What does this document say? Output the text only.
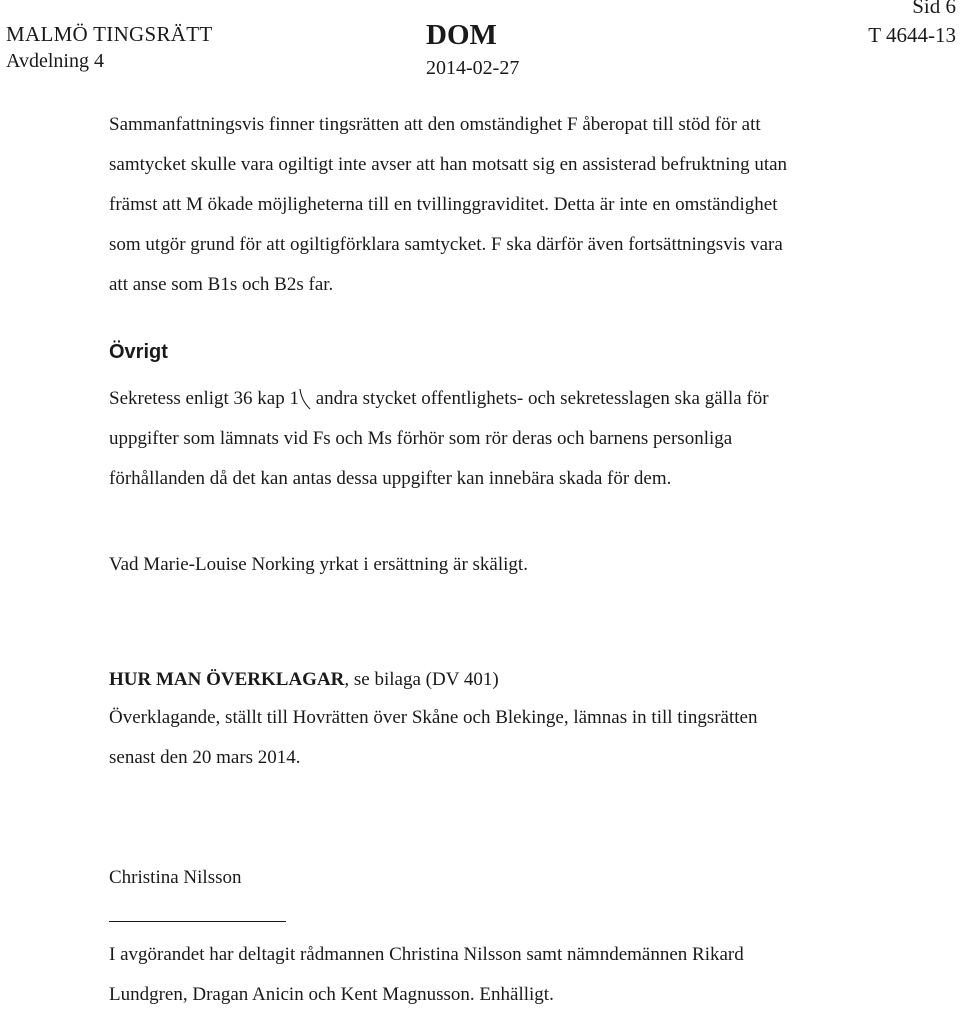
MALMÖ TINGSRÄTT
Avdelning 4
DOM
2014-02-27
Sid 6
T 4644-13

Sammanfattningsvis finner tingsrätten att den omständighet F åberopat till stöd för att
samtycket skulle vara ogiltigt inte avser att han motsatt sig en assisterad befruktning utan
främst att M ökade möjligheterna till en tvillinggraviditet. Detta är inte en omständighet
som utgör grund för att ogiltigförklara samtycket. F ska därför även fortsättningsvis vara
att anse som B1s och B2s far.

Övrigt

Sekretess enligt 36 kap 1 andra stycket offentlighets- och sekretesslagen ska gälla för
uppgifter som lämnats vid Fs och Ms förhör som rör deras och barnens personliga
förhållanden då det kan antas dessa uppgifter kan innebära skada för dem.

Vad Marie-Louise Norking yrkat i ersättning är skäligt.

HUR MAN ÖVERKLAGAR, se bilaga (DV 401)

Överklagande, ställt till Hovrätten över Skåne och Blekinge, lämnas in till tingsrätten
senast den 20 mars 2014.

Christina Nilsson

I avgörandet har deltagit rådmannen Christina Nilsson samt nämndemännen Rikard
Lundgren, Dragan Anicin och Kent Magnusson. Enhälligt.
